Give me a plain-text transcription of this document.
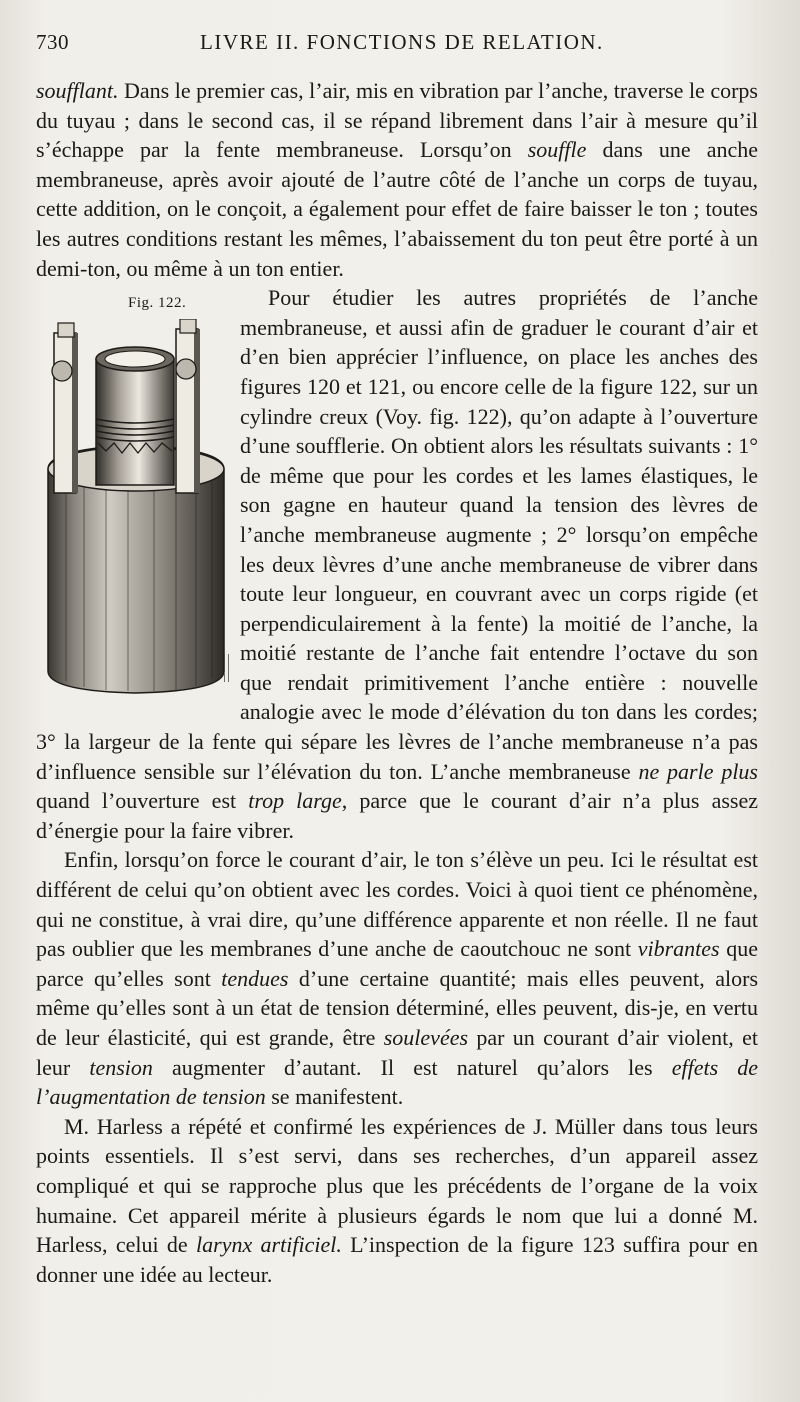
730	LIVRE II. FONCTIONS DE RELATION.

soufflant. Dans le premier cas, l’air, mis en vibration par l’anche, traverse le corps du tuyau ; dans le second cas, il se répand librement dans l’air à mesure qu’il s’échappe par la fente membraneuse. Lorsqu’on souffle dans une anche membraneuse, après avoir ajouté de l’autre côté de l’anche un corps de tuyau, cette addition, on le conçoit, a également pour effet de faire baisser le ton ; toutes les autres conditions restant les mêmes, l’abaissement du ton peut être porté à un demi-ton, ou même à un ton entier.

Fig. 122.	Pour étudier les autres propriétés de l’anche membraneuse, et aussi afin de graduer le courant d’air et d’en bien apprécier l’influence, on place les anches des figures 120 et 121, ou encore celle de la figure 122, sur un cylindre creux (Voy. fig. 122), qu’on adapte à l’ouverture d’une soufflerie. On obtient alors les résultats suivants : 1° de même que pour les cordes et les lames élastiques, le son gagne en hauteur quand la tension des lèvres de l’anche membraneuse augmente ; 2° lorsqu’on empêche les deux lèvres d’une anche membraneuse de vibrer dans toute leur longueur, en couvrant avec un corps rigide (et perpendiculairement à la fente) la moitié de l’anche, la moitié restante de l’anche fait entendre l’octave du son que rendait primitivement l’anche entière : nouvelle analogie avec le mode d’élévation du ton dans les cordes; 3° la largeur de la fente qui sépare les lèvres de l’anche membraneuse n’a pas d’influence sensible sur l’élévation du ton. L’anche membraneuse ne parle plus quand l’ouverture est trop large, parce que le courant d’air n’a plus assez d’énergie pour la faire vibrer.

Enfin, lorsqu’on force le courant d’air, le ton s’élève un peu. Ici le résultat est différent de celui qu’on obtient avec les cordes. Voici à quoi tient ce phénomène, qui ne constitue, à vrai dire, qu’une différence apparente et non réelle. Il ne faut pas oublier que les membranes d’une anche de caoutchouc ne sont vibrantes que parce qu’elles sont tendues d’une certaine quantité; mais elles peuvent, alors même qu’elles sont à un état de tension déterminé, elles peuvent, dis-je, en vertu de leur élasticité, qui est grande, être soulevées par un courant d’air violent, et leur tension augmenter d’autant. Il est naturel qu’alors les effets de l’augmentation de tension se manifestent.

M. Harless a répété et confirmé les expériences de J. Müller dans tous leurs points essentiels. Il s’est servi, dans ses recherches, d’un appareil assez compliqué et qui se rapproche plus que les précédents de l’organe de la voix humaine. Cet appareil mérite à plusieurs égards le nom que lui a donné M. Harless, celui de larynx artificiel. L’inspection de la figure 123 suffira pour en donner une idée au lecteur.
